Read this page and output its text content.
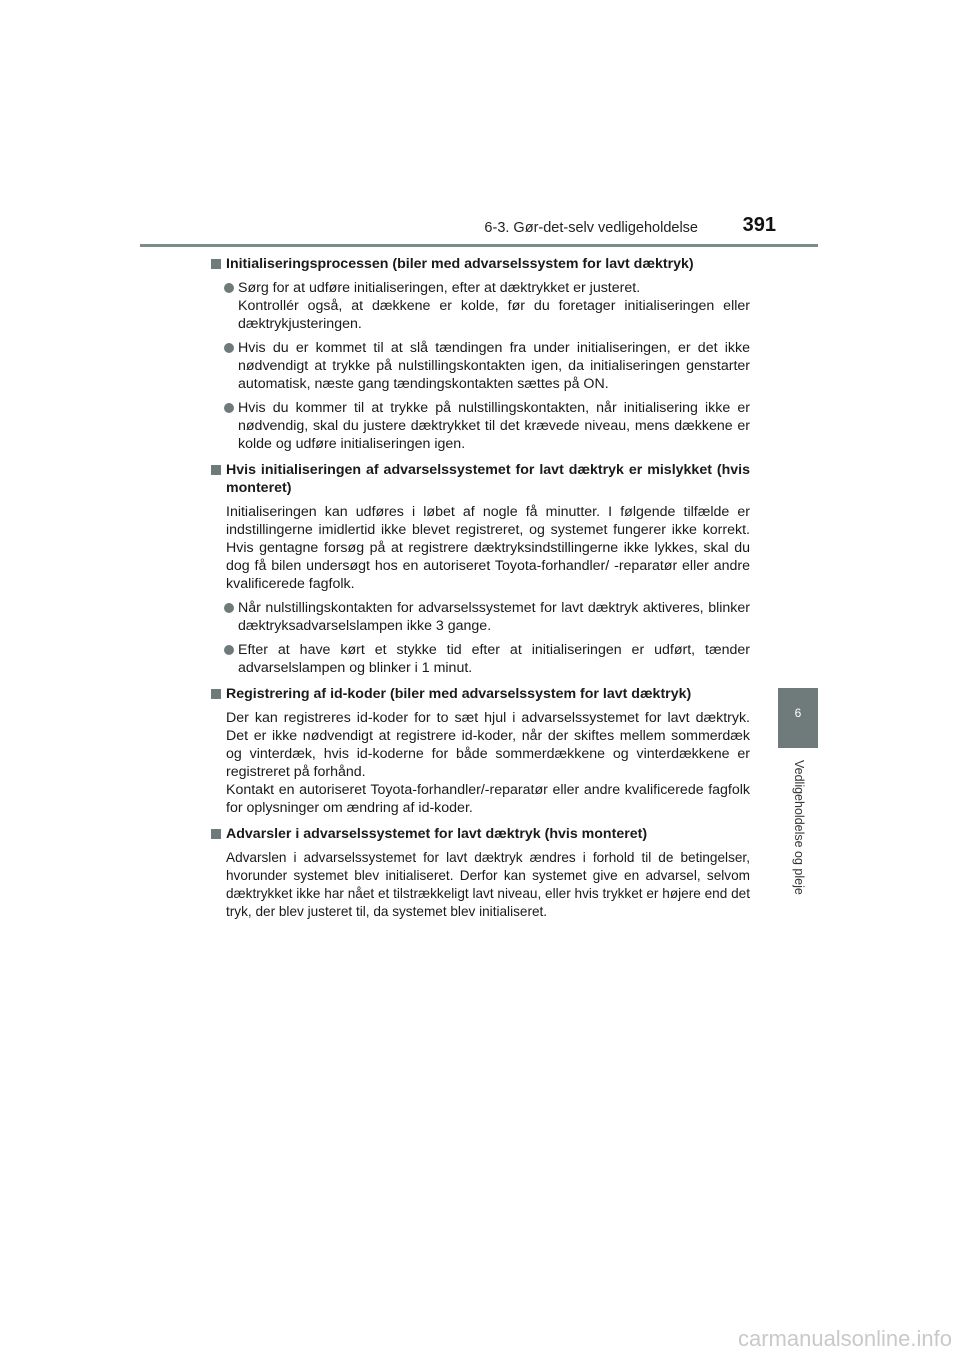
6-3. Gør-det-selv vedligeholdelse 391
6
Vedligeholdelse og pleje
Initialiseringsprocessen (biler med advarselssystem for lavt dæktryk)

Sørg for at udføre initialiseringen, efter at dæktrykket er justeret.

Kontrollér også, at dækkene er kolde, før du foretager initialiseringen eller dæktrykjusteringen.

Hvis du er kommet til at slå tændingen fra under initialiseringen, er det ikke nødvendigt at trykke på nulstillingskontakten igen, da initialiseringen genstarter automatisk, næste gang tændingskontakten sættes på ON.

Hvis du kommer til at trykke på nulstillingskontakten, når initialisering ikke er nødvendig, skal du justere dæktrykket til det krævede niveau, mens dækkene er kolde og udføre initialiseringen igen.

Hvis initialiseringen af advarselssystemet for lavt dæktryk er mislykket (hvis monteret)

Initialiseringen kan udføres i løbet af nogle få minutter. I følgende tilfælde er indstillingerne imidlertid ikke blevet registreret, og systemet fungerer ikke korrekt. Hvis gentagne forsøg på at registrere dæktryksindstillingerne ikke lykkes, skal du dog få bilen undersøgt hos en autoriseret Toyota-forhandler/ -reparatør eller andre kvalificerede fagfolk.

Når nulstillingskontakten for advarselssystemet for lavt dæktryk aktiveres, blinker dæktryksadvarselslampen ikke 3 gange.

Efter at have kørt et stykke tid efter at initialiseringen er udført, tænder advarselslampen og blinker i 1 minut.

Registrering af id-koder (biler med advarselssystem for lavt dæktryk)

Der kan registreres id-koder for to sæt hjul i advarselssystemet for lavt dæktryk. Det er ikke nødvendigt at registrere id-koder, når der skiftes mellem sommerdæk og vinterdæk, hvis id-koderne for både sommerdækkene og vinterdækkene er registreret på forhånd.

Kontakt en autoriseret Toyota-forhandler/-reparatør eller andre kvalificerede fagfolk for oplysninger om ændring af id-koder.

Advarsler i advarselssystemet for lavt dæktryk (hvis monteret)

Advarslen i advarselssystemet for lavt dæktryk ændres i forhold til de betingelser, hvorunder systemet blev initialiseret. Derfor kan systemet give en advarsel, selvom dæktrykket ikke har nået et tilstrækkeligt lavt niveau, eller hvis trykket er højere end det tryk, der blev justeret til, da systemet blev initialiseret.

carmanualsonline.info
